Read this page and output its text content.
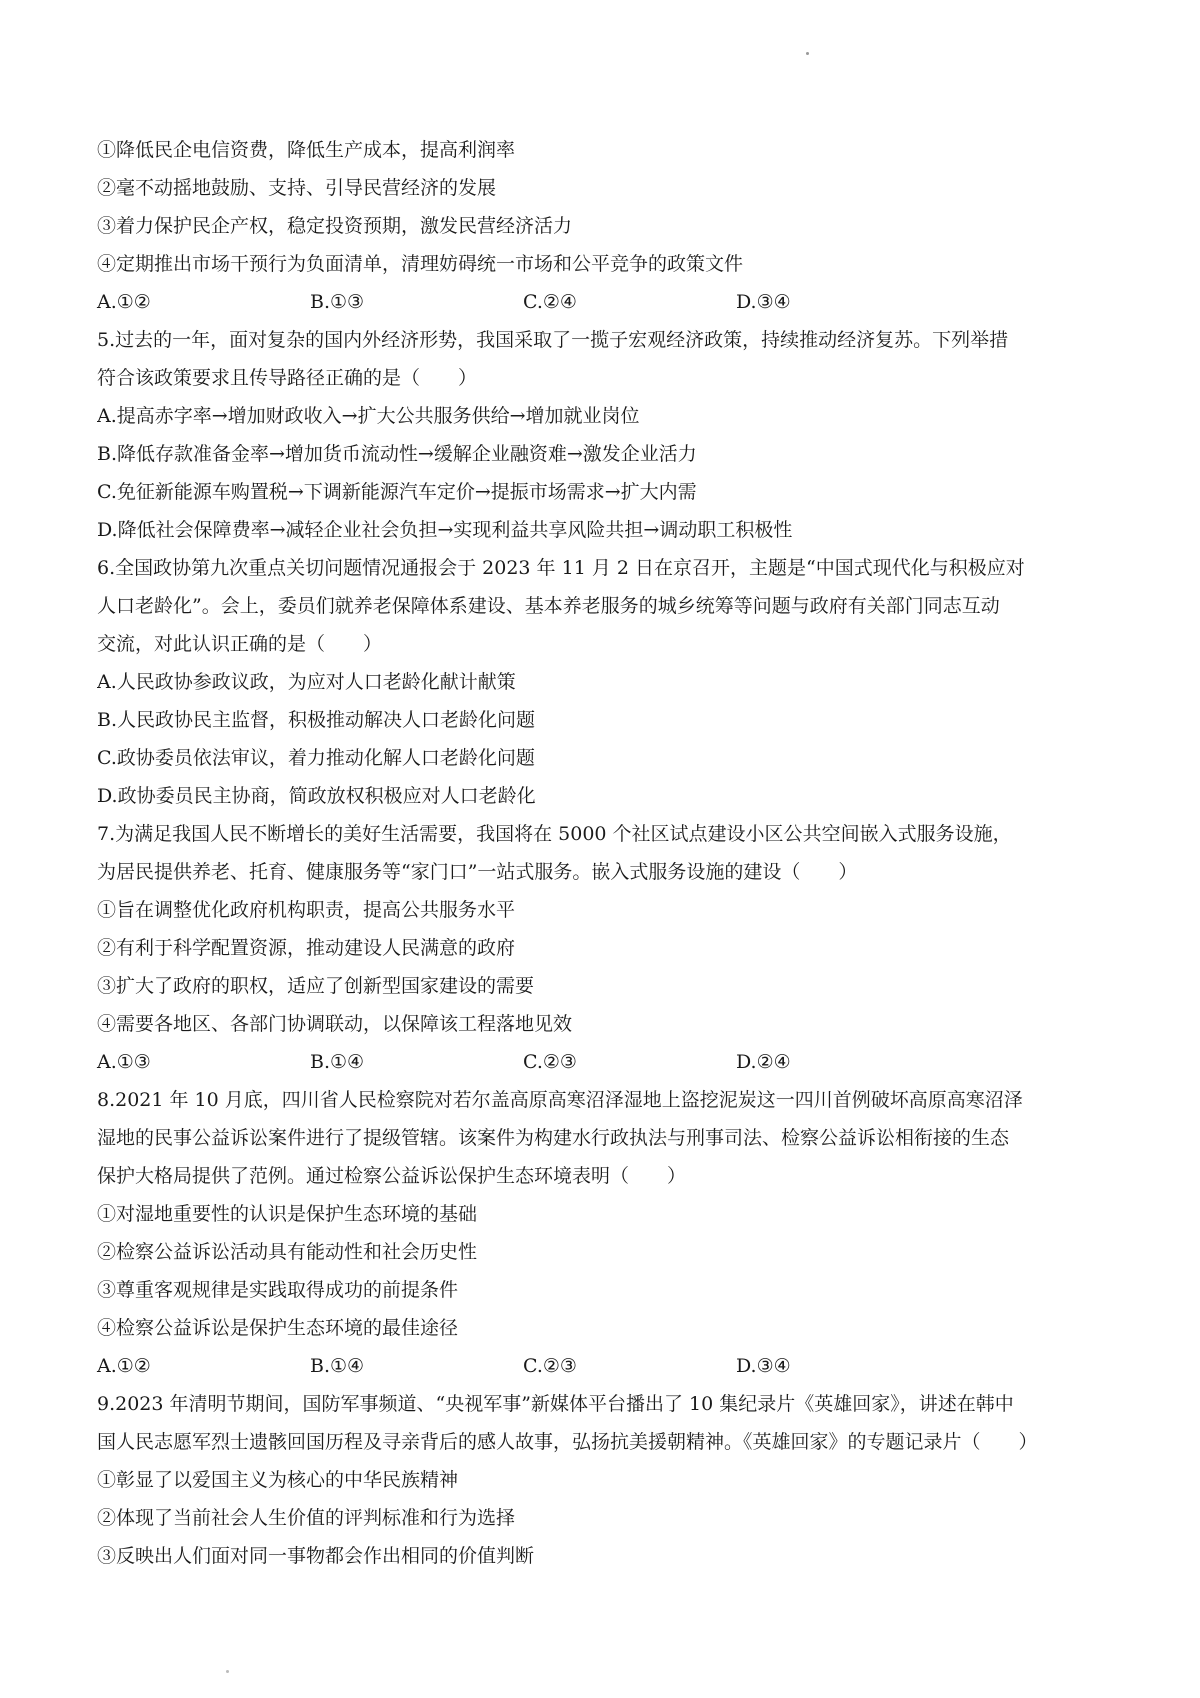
①降低民企电信资费，降低生产成本，提高利润率
②毫不动摇地鼓励、支持、引导民营经济的发展
③着力保护民企产权，稳定投资预期，激发民营经济活力
④定期推出市场干预行为负面清单，清理妨碍统一市场和公平竞争的政策文件
A.①②	B.①③	C.②④	D.③④
5.过去的一年，面对复杂的国内外经济形势，我国采取了一揽子宏观经济政策，持续推动经济复苏。下列举措
符合该政策要求且传导路径正确的是（　　）
A.提高赤字率→增加财政收入→扩大公共服务供给→增加就业岗位
B.降低存款准备金率→增加货币流动性→缓解企业融资难→激发企业活力
C.免征新能源车购置税→下调新能源汽车定价→提振市场需求→扩大内需
D.降低社会保障费率→减轻企业社会负担→实现利益共享风险共担→调动职工积极性
6.全国政协第九次重点关切问题情况通报会于 2023 年 11 月 2 日在京召开，主题是“中国式现代化与积极应对
人口老龄化”。会上，委员们就养老保障体系建设、基本养老服务的城乡统筹等问题与政府有关部门同志互动
交流，对此认识正确的是（　　）
A.人民政协参政议政，为应对人口老龄化献计献策
B.人民政协民主监督，积极推动解决人口老龄化问题
C.政协委员依法审议，着力推动化解人口老龄化问题
D.政协委员民主协商，简政放权积极应对人口老龄化
7.为满足我国人民不断增长的美好生活需要，我国将在 5000 个社区试点建设小区公共空间嵌入式服务设施，
为居民提供养老、托育、健康服务等“家门口”一站式服务。嵌入式服务设施的建设（　　）
①旨在调整优化政府机构职责，提高公共服务水平
②有利于科学配置资源，推动建设人民满意的政府
③扩大了政府的职权，适应了创新型国家建设的需要
④需要各地区、各部门协调联动，以保障该工程落地见效
A.①③	B.①④	C.②③	D.②④
8.2021 年 10 月底，四川省人民检察院对若尔盖高原高寒沼泽湿地上盗挖泥炭这一四川首例破坏高原高寒沼泽
湿地的民事公益诉讼案件进行了提级管辖。该案件为构建水行政执法与刑事司法、检察公益诉讼相衔接的生态
保护大格局提供了范例。通过检察公益诉讼保护生态环境表明（　　）
①对湿地重要性的认识是保护生态环境的基础
②检察公益诉讼活动具有能动性和社会历史性
③尊重客观规律是实践取得成功的前提条件
④检察公益诉讼是保护生态环境的最佳途径
A.①②	B.①④	C.②③	D.③④
9.2023 年清明节期间，国防军事频道、“央视军事”新媒体平台播出了 10 集纪录片《英雄回家》，讲述在韩中
国人民志愿军烈士遗骸回国历程及寻亲背后的感人故事，弘扬抗美援朝精神。《英雄回家》的专题记录片（　　）
①彰显了以爱国主义为核心的中华民族精神
②体现了当前社会人生价值的评判标准和行为选择
③反映出人们面对同一事物都会作出相同的价值判断
